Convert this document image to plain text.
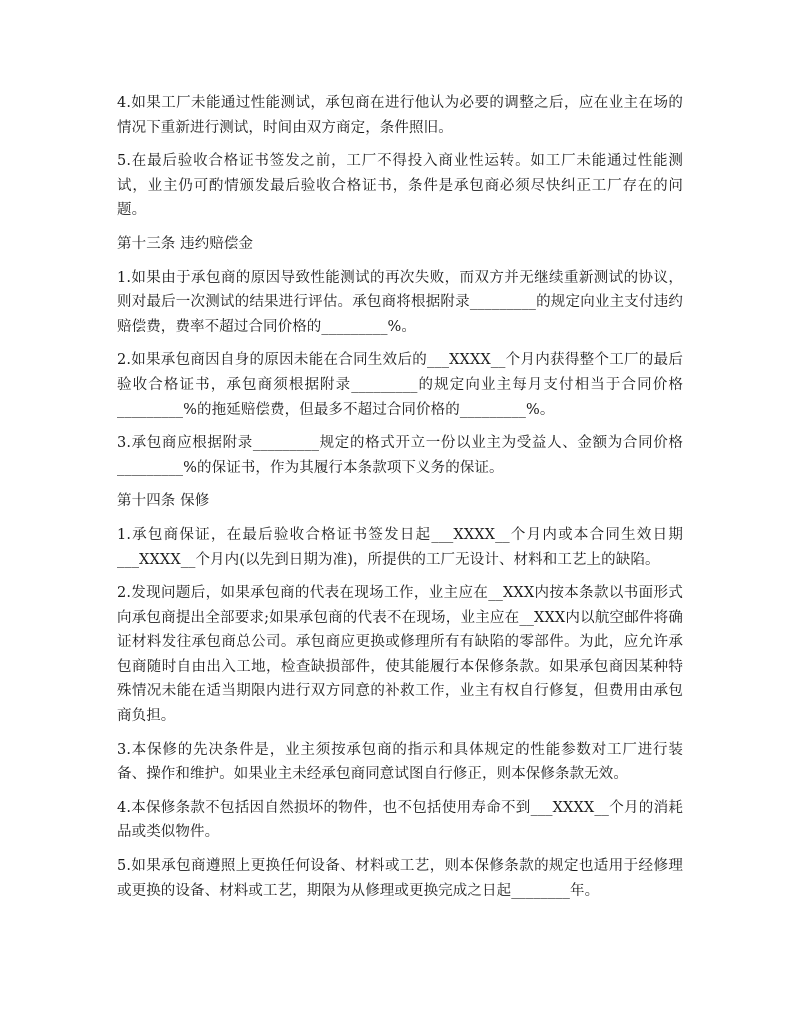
4.如果工厂未能通过性能测试，承包商在进行他认为必要的调整之后，应在业主在场的情况下重新进行测试，时间由双方商定，条件照旧。

5.在最后验收合格证书签发之前，工厂不得投入商业性运转。如工厂未能通过性能测试，业主仍可酌情颁发最后验收合格证书，条件是承包商必须尽快纠正工厂存在的问题。

第十三条 违约赔偿金

1.如果由于承包商的原因导致性能测试的再次失败，而双方并无继续重新测试的协议，则对最后一次测试的结果进行评估。承包商将根据附录_________的规定向业主支付违约赔偿费，费率不超过合同价格的_________%。

2.如果承包商因自身的原因未能在合同生效后的___XXXX__个月内获得整个工厂的最后验收合格证书，承包商须根据附录_________的规定向业主每月支付相当于合同价格_________%的拖延赔偿费，但最多不超过合同价格的_________%。

3.承包商应根据附录_________规定的格式开立一份以业主为受益人、金额为合同价格_________%的保证书，作为其履行本条款项下义务的保证。

第十四条 保修

1.承包商保证，在最后验收合格证书签发日起___XXXX__个月内或本合同生效日期___XXXX__个月内(以先到日期为准)，所提供的工厂无设计、材料和工艺上的缺陷。

2.发现问题后，如果承包商的代表在现场工作，业主应在__XXX内按本条款以书面形式向承包商提出全部要求;如果承包商的代表不在现场，业主应在__XXX内以航空邮件将确证材料发往承包商总公司。承包商应更换或修理所有有缺陷的零部件。为此，应允许承包商随时自由出入工地，检查缺损部件，使其能履行本保修条款。如果承包商因某种特殊情况未能在适当期限内进行双方同意的补救工作，业主有权自行修复，但费用由承包商负担。

3.本保修的先决条件是，业主须按承包商的指示和具体规定的性能参数对工厂进行装备、操作和维护。如果业主未经承包商同意试图自行修正，则本保修条款无效。

4.本保修条款不包括因自然损坏的物件，也不包括使用寿命不到___XXXX__个月的消耗品或类似物件。

5.如果承包商遵照上更换任何设备、材料或工艺，则本保修条款的规定也适用于经修理或更换的设备、材料或工艺，期限为从修理或更换完成之日起________年。
